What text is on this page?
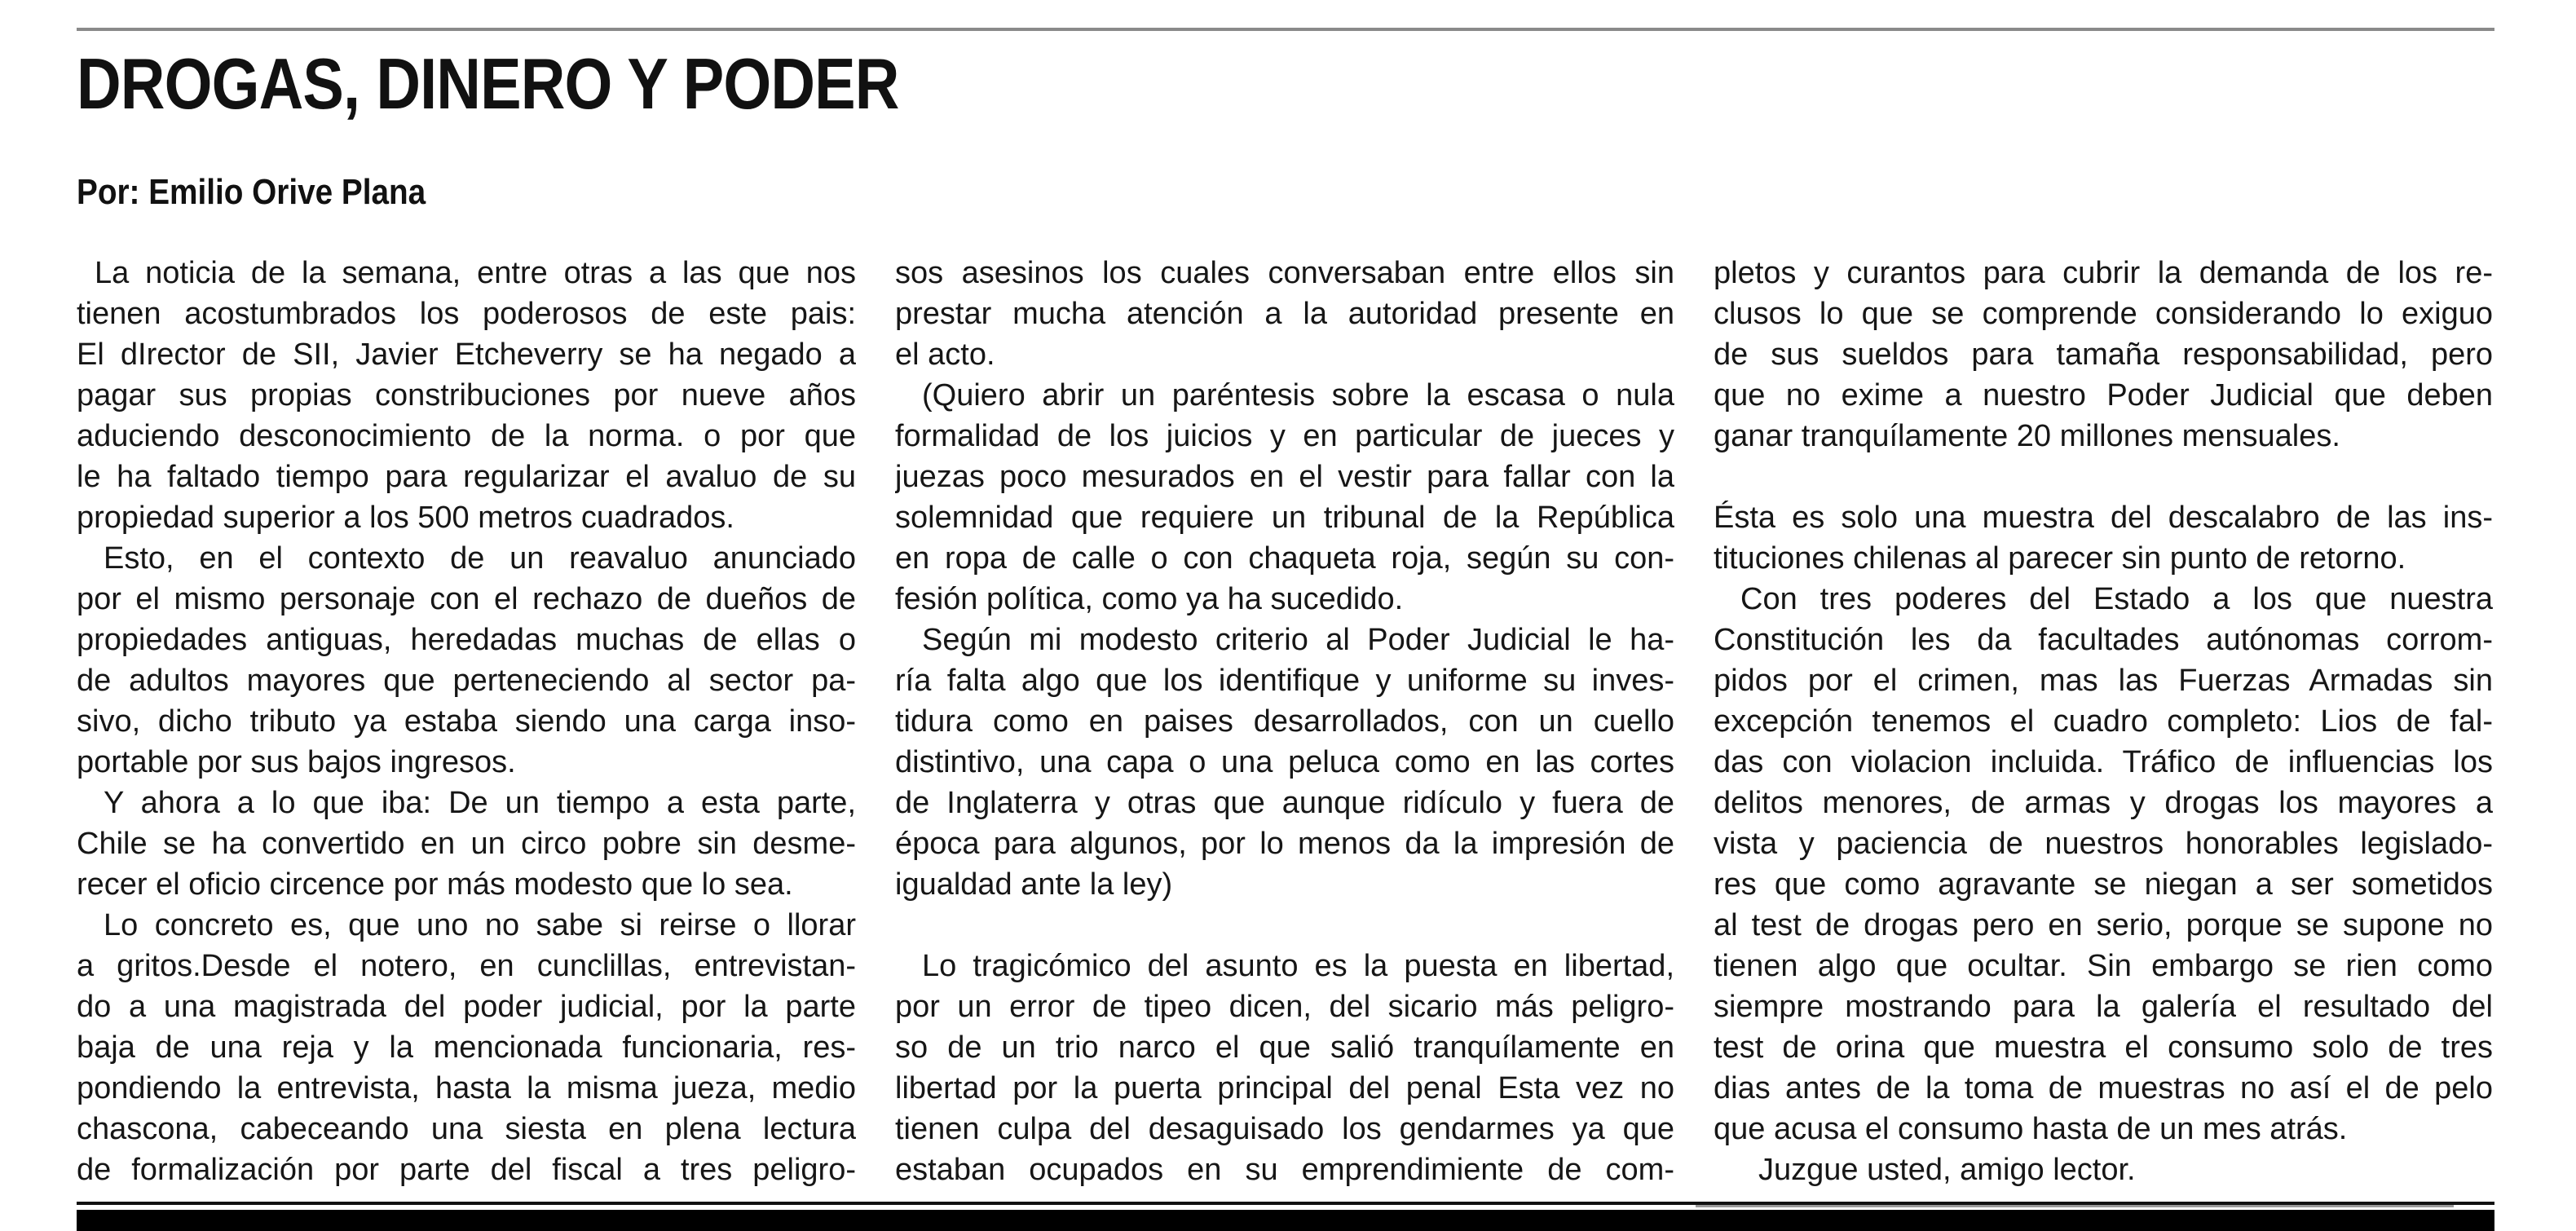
DROGAS, DINERO Y PODER
Por: Emilio Orive Plana
La noticia de la semana, entre otras a las que nos
tienen acostumbrados los poderosos de este pais:
El dIrector de SII, Javier Etcheverry se ha negado a
pagar sus propias constribuciones por nueve años
aduciendo desconocimiento de la norma. o por que
le ha faltado tiempo para regularizar el avaluo de su
propiedad superior a los 500 metros cuadrados.
Esto, en el contexto de un reavaluo anunciado
por el mismo personaje con el rechazo de dueños de
propiedades antiguas, heredadas muchas de ellas o
de adultos mayores que perteneciendo al sector pa-
sivo, dicho tributo ya estaba siendo una carga inso-
portable por sus bajos ingresos.
Y ahora a lo que iba: De un tiempo a esta parte,
Chile se ha convertido en un circo pobre sin desme-
recer el oficio circence por más modesto que lo sea.
Lo concreto es, que uno no sabe si reirse o llorar
a gritos.Desde el notero, en cunclillas, entrevistan-
do a una magistrada del poder judicial, por la parte
baja de una reja y la mencionada funcionaria, res-
pondiendo la entrevista, hasta la misma jueza, medio
chascona, cabeceando una siesta en plena lectura
de formalización por parte del fiscal a tres peligro-
sos asesinos los cuales conversaban entre ellos sin
prestar mucha atención a la autoridad presente en
el acto.
(Quiero abrir un paréntesis sobre la escasa o nula
formalidad de los juicios y en particular de jueces y
juezas poco mesurados en el vestir para fallar con la
solemnidad que requiere un tribunal de la República
en ropa de calle o con chaqueta roja, según su con-
fesión política, como ya ha sucedido.
Según mi modesto criterio al Poder Judicial le ha-
ría falta algo que los identifique y uniforme su inves-
tidura como en paises desarrollados, con un cuello
distintivo, una capa o una peluca como en las cortes
de Inglaterra y otras que aunque ridículo y fuera de
época para algunos, por lo menos da la impresión de
igualdad ante la ley)
Lo tragicómico del asunto es la puesta en libertad,
por un error de tipeo dicen, del sicario más peligro-
so de un trio narco el que salió tranquílamente en
libertad por la puerta principal del penal Esta vez no
tienen culpa del desaguisado los gendarmes ya que
estaban ocupados en su emprendimiente de com-
pletos y curantos para cubrir la demanda de los re-
clusos lo que se comprende considerando lo exiguo
de sus sueldos para tamaña responsabilidad, pero
que no exime a nuestro Poder Judicial que deben
ganar tranquílamente 20 millones mensuales.
Ésta es solo una muestra del descalabro de las ins-
tituciones chilenas al parecer sin punto de retorno.
Con tres poderes del Estado a los que nuestra
Constitución les da facultades autónomas corrom-
pidos por el crimen, mas las Fuerzas Armadas sin
excepción tenemos el cuadro completo: Lios de fal-
das con violacion incluida. Tráfico de influencias los
delitos menores, de armas y drogas los mayores a
vista y paciencia de nuestros honorables legislado-
res que como agravante se niegan a ser sometidos
al test de drogas pero en serio, porque se supone no
tienen algo que ocultar. Sin embargo se rien como
siempre mostrando para la galería el resultado del
test de orina que muestra el consumo solo de tres
dias antes de la toma de muestras no así el de pelo
que acusa el consumo hasta de un mes atrás.
Juzgue usted, amigo lector.
